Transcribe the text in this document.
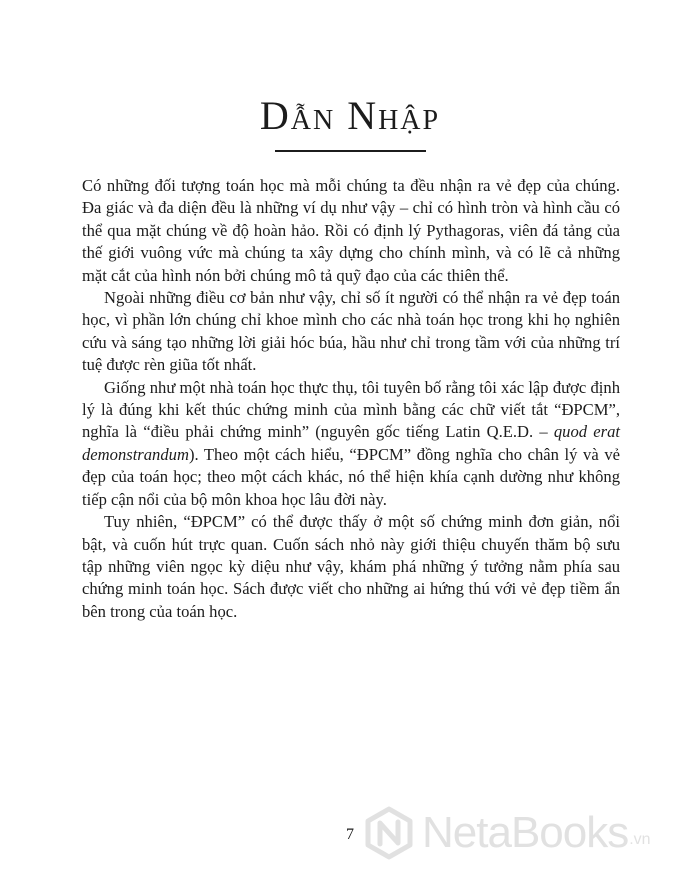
Dẫn Nhập

Có những đối tượng toán học mà mỗi chúng ta đều nhận ra vẻ đẹp của chúng. Đa giác và đa diện đều là những ví dụ như vậy – chỉ có hình tròn và hình cầu có thể qua mặt chúng về độ hoàn hảo. Rồi có định lý Pythagoras, viên đá tảng của thế giới vuông vức mà chúng ta xây dựng cho chính mình, và có lẽ cả những mặt cắt của hình nón bởi chúng mô tả quỹ đạo của các thiên thể.

Ngoài những điều cơ bản như vậy, chỉ số ít người có thể nhận ra vẻ đẹp toán học, vì phần lớn chúng chỉ khoe mình cho các nhà toán học trong khi họ nghiên cứu và sáng tạo những lời giải hóc búa, hầu như chỉ trong tầm với của những trí tuệ được rèn giũa tốt nhất.

Giống như một nhà toán học thực thụ, tôi tuyên bố rằng tôi xác lập được định lý là đúng khi kết thúc chứng minh của mình bằng các chữ viết tắt “ĐPCM”, nghĩa là “điều phải chứng minh” (nguyên gốc tiếng Latin Q.E.D. – quod erat demonstrandum). Theo một cách hiểu, “ĐPCM” đồng nghĩa cho chân lý và vẻ đẹp của toán học; theo một cách khác, nó thể hiện khía cạnh dường như không tiếp cận nổi của bộ môn khoa học lâu đời này.

Tuy nhiên, “ĐPCM” có thể được thấy ở một số chứng minh đơn giản, nổi bật, và cuốn hút trực quan. Cuốn sách nhỏ này giới thiệu chuyến thăm bộ sưu tập những viên ngọc kỳ diệu như vậy, khám phá những ý tưởng nằm phía sau chứng minh toán học. Sách được viết cho những ai hứng thú với vẻ đẹp tiềm ẩn bên trong của toán học.

7	NetaBooks .vn
